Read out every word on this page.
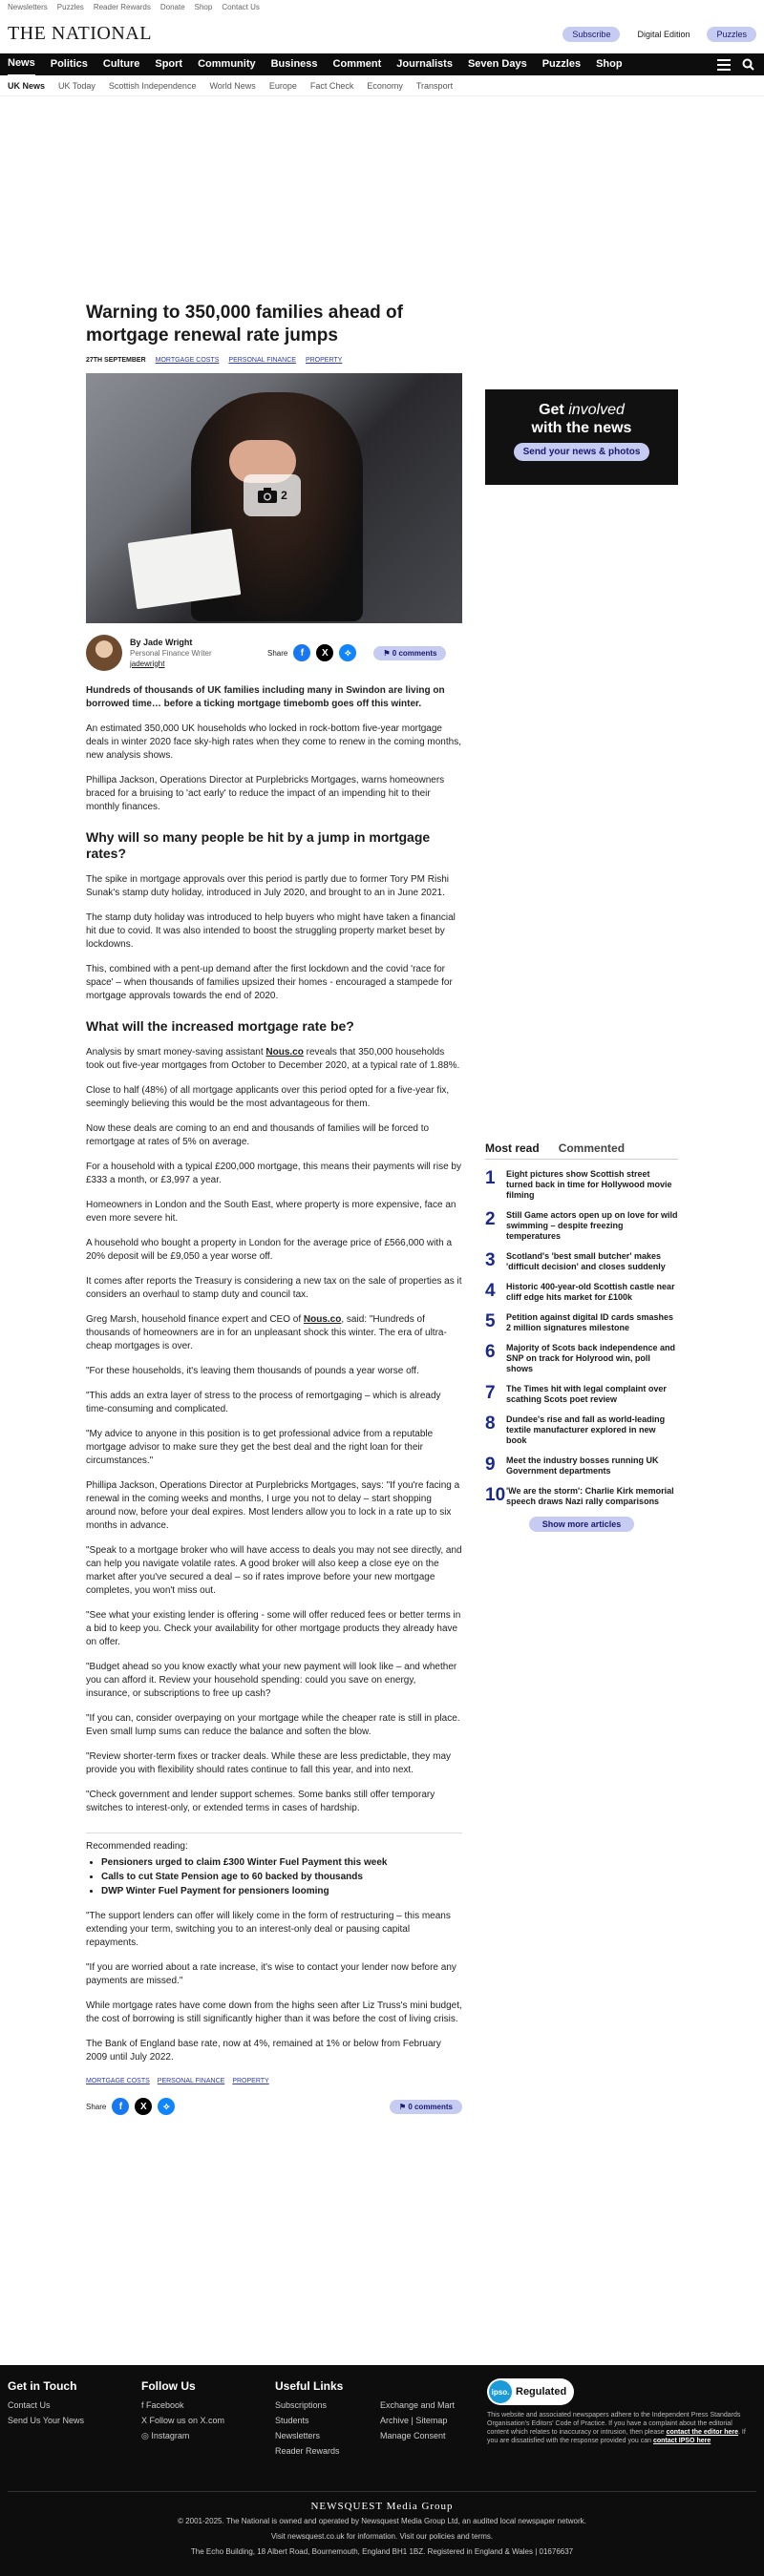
Newsletters Puzzles Reader Rewards Donate Shop Contact Us
THE NATIONAL	Subscribe	Digital Edition	Puzzles
News Politics Culture Sport Community Business Comment Journalists Seven Days Puzzles Shop
UK News UK Today Scottish Independence World News Europe Fact Check Economy Transport
Warning to 350,000 families ahead of mortgage renewal rate jumps
27TH SEPTEMBER MORTGAGE COSTS PERSONAL FINANCE PROPERTY
2
By Jade Wright
Personal Finance Writer
jadewright
Share	f	X	⟡	⚑ 0 comments

Hundreds of thousands of UK families including many in Swindon are living on borrowed time… before a ticking mortgage timebomb goes off this winter.

An estimated 350,000 UK households who locked in rock-bottom five-year mortgage deals in winter 2020 face sky-high rates when they come to renew in the coming months, new analysis shows.

Phillipa Jackson, Operations Director at Purplebricks Mortgages, warns homeowners braced for a bruising to 'act early' to reduce the impact of an impending hit to their monthly finances.

Why will so many people be hit by a jump in mortgage rates?

The spike in mortgage approvals over this period is partly due to former Tory PM Rishi Sunak's stamp duty holiday, introduced in July 2020, and brought to an in June 2021.

The stamp duty holiday was introduced to help buyers who might have taken a financial hit due to covid. It was also intended to boost the struggling property market beset by lockdowns.

This, combined with a pent-up demand after the first lockdown and the covid 'race for space' – when thousands of families upsized their homes - encouraged a stampede for mortgage approvals towards the end of 2020.

What will the increased mortgage rate be?

Analysis by smart money-saving assistant Nous.co reveals that 350,000 households took out five-year mortgages from October to December 2020, at a typical rate of 1.88%.

Close to half (48%) of all mortgage applicants over this period opted for a five-year fix, seemingly believing this would be the most advantageous for them.

Now these deals are coming to an end and thousands of families will be forced to remortgage at rates of 5% on average.

For a household with a typical £200,000 mortgage, this means their payments will rise by £333 a month, or £3,997 a year.

Homeowners in London and the South East, where property is more expensive, face an even more severe hit.

A household who bought a property in London for the average price of £566,000 with a 20% deposit will be £9,050 a year worse off.

It comes after reports the Treasury is considering a new tax on the sale of properties as it considers an overhaul to stamp duty and council tax.

Greg Marsh, household finance expert and CEO of Nous.co, said: "Hundreds of thousands of homeowners are in for an unpleasant shock this winter. The era of ultra-cheap mortgages is over.

"For these households, it's leaving them thousands of pounds a year worse off.

"This adds an extra layer of stress to the process of remortgaging – which is already time-consuming and complicated.

"My advice to anyone in this position is to get professional advice from a reputable mortgage advisor to make sure they get the best deal and the right loan for their circumstances."

Phillipa Jackson, Operations Director at Purplebricks Mortgages, says: "If you're facing a renewal in the coming weeks and months, I urge you not to delay – start shopping around now, before your deal expires. Most lenders allow you to lock in a rate up to six months in advance.

"Speak to a mortgage broker who will have access to deals you may not see directly, and can help you navigate volatile rates. A good broker will also keep a close eye on the market after you've secured a deal – so if rates improve before your new mortgage completes, you won't miss out.

"See what your existing lender is offering - some will offer reduced fees or better terms in a bid to keep you. Check your availability for other mortgage products they already have on offer.

"Budget ahead so you know exactly what your new payment will look like – and whether you can afford it. Review your household spending: could you save on energy, insurance, or subscriptions to free up cash?

"If you can, consider overpaying on your mortgage while the cheaper rate is still in place. Even small lump sums can reduce the balance and soften the blow.

"Review shorter-term fixes or tracker deals. While these are less predictable, they may provide you with flexibility should rates continue to fall this year, and into next.

"Check government and lender support schemes. Some banks still offer temporary switches to interest-only, or extended terms in cases of hardship.

Recommended reading:
• Pensioners urged to claim £300 Winter Fuel Payment this week
• Calls to cut State Pension age to 60 backed by thousands
• DWP Winter Fuel Payment for pensioners looming

"The support lenders can offer will likely come in the form of restructuring – this means extending your term, switching you to an interest-only deal or pausing capital repayments.

"If you are worried about a rate increase, it's wise to contact your lender now before any payments are missed."

While mortgage rates have come down from the highs seen after Liz Truss's mini budget, the cost of borrowing is still significantly higher than it was before the cost of living crisis.

The Bank of England base rate, now at 4%, remained at 1% or below from February 2009 until July 2022.

MORTGAGE COSTS PERSONAL FINANCE PROPERTY
Share	f	X	⟡	⚑ 0 comments
Get involved
with the news
Send your news & photos
Most read Commented
1	Eight pictures show Scottish street turned back in time for Hollywood movie filming
2	Still Game actors open up on love for wild swimming – despite freezing temperatures
3	Scotland's 'best small butcher' makes 'difficult decision' and closes suddenly
4	Historic 400-year-old Scottish castle near cliff edge hits market for £100k
5	Petition against digital ID cards smashes 2 million signatures milestone
6	Majority of Scots back independence and SNP on track for Holyrood win, poll shows
7	The Times hit with legal complaint over scathing Scots poet review
8	Dundee's rise and fall as world-leading textile manufacturer explored in new book
9	Meet the industry bosses running UK Government departments
10 'We are the storm': Charlie Kirk memorial speech draws Nazi rally comparisons
Show more articles
Get in Touch
Contact Us
Send Us Your News
Follow Us
f Facebook
X Follow us on X.com
◎ Instagram
Useful Links
Subscriptions
Students
Newsletters
Reader Rewards
Exchange and Mart
Archive | Sitemap
Manage Consent
ipso. Regulated
This website and associated newspapers adhere to the Independent Press Standards Organisation's Editors' Code of Practice. If you have a complaint about the editorial content which relates to inaccuracy or intrusion, then please contact the editor here. If you are dissatisfied with the response provided you can contact IPSO here
NEWSQUEST Media Group
© 2001-2025. The National is owned and operated by Newsquest Media Group Ltd, an audited local newspaper network.
Visit newsquest.co.uk for information. Visit our policies and terms.
The Echo Building, 18 Albert Road, Bournemouth, England BH1 1BZ. Registered in England & Wales | 01676637
